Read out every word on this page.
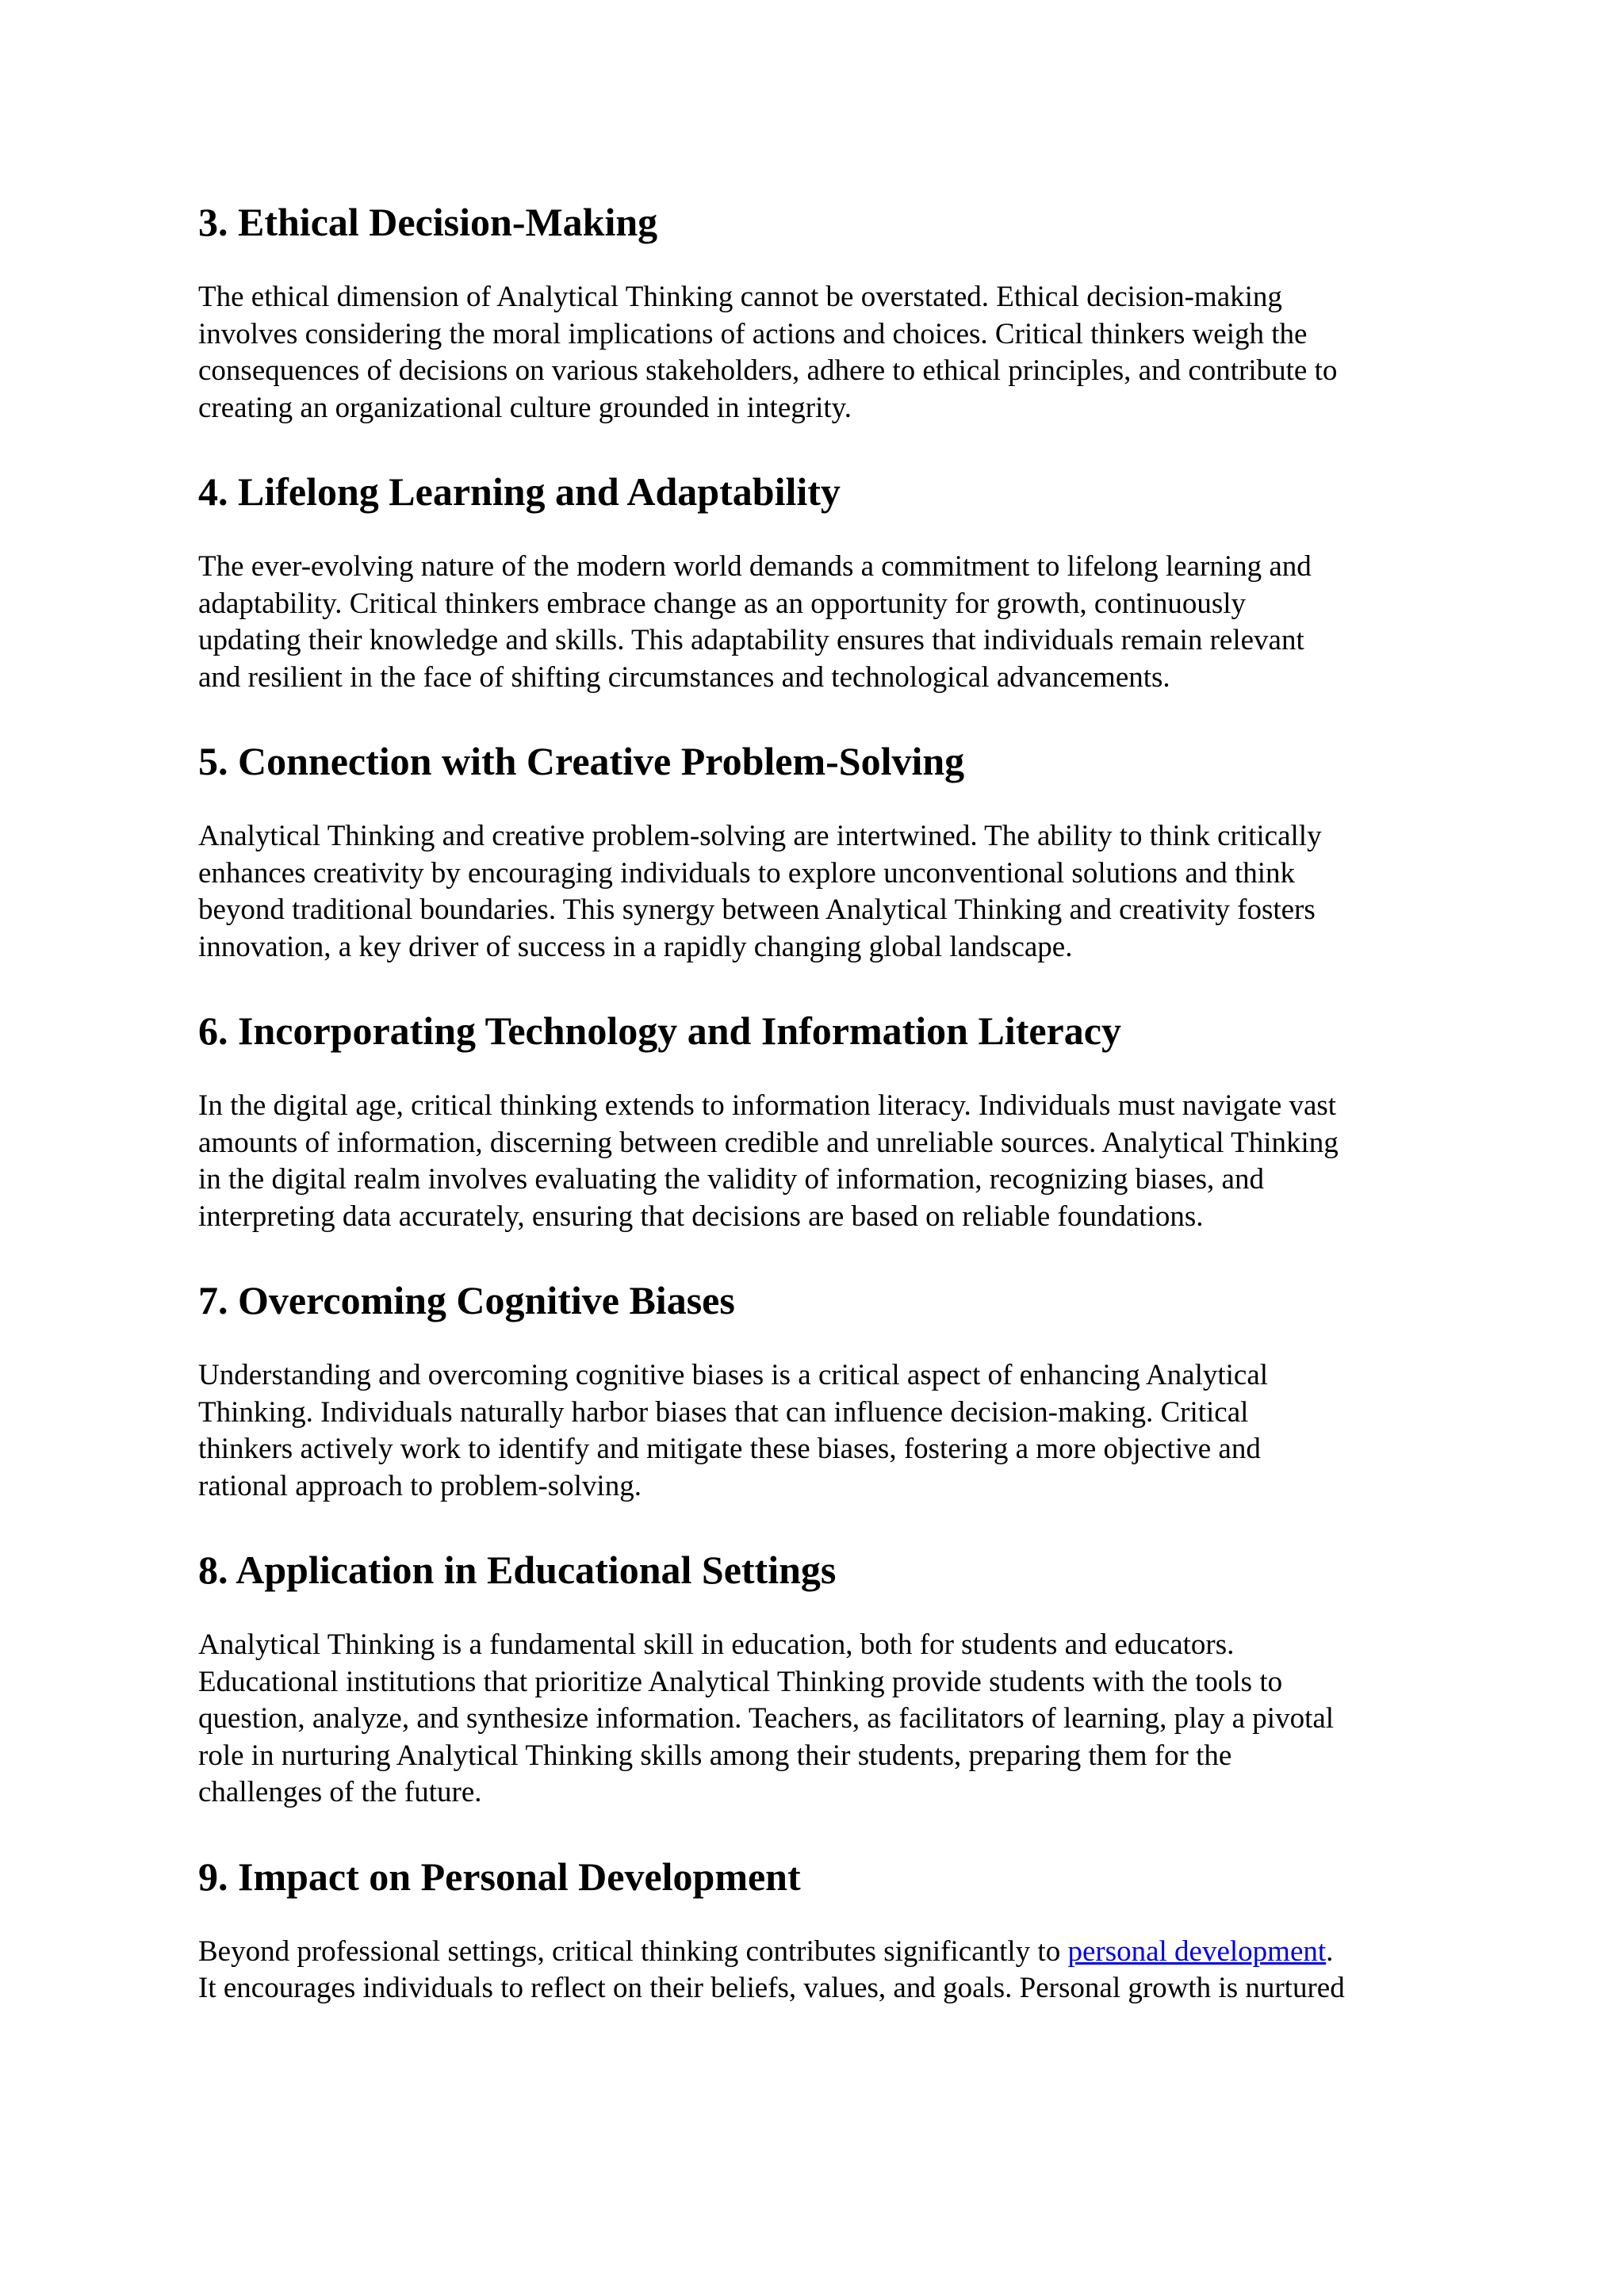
3. Ethical Decision-Making

The ethical dimension of Analytical Thinking cannot be overstated. Ethical decision-making
involves considering the moral implications of actions and choices. Critical thinkers weigh the
consequences of decisions on various stakeholders, adhere to ethical principles, and contribute to
creating an organizational culture grounded in integrity.

4. Lifelong Learning and Adaptability

The ever-evolving nature of the modern world demands a commitment to lifelong learning and
adaptability. Critical thinkers embrace change as an opportunity for growth, continuously
updating their knowledge and skills. This adaptability ensures that individuals remain relevant
and resilient in the face of shifting circumstances and technological advancements.

5. Connection with Creative Problem-Solving

Analytical Thinking and creative problem-solving are intertwined. The ability to think critically
enhances creativity by encouraging individuals to explore unconventional solutions and think
beyond traditional boundaries. This synergy between Analytical Thinking and creativity fosters
innovation, a key driver of success in a rapidly changing global landscape.

6. Incorporating Technology and Information Literacy

In the digital age, critical thinking extends to information literacy. Individuals must navigate vast
amounts of information, discerning between credible and unreliable sources. Analytical Thinking
in the digital realm involves evaluating the validity of information, recognizing biases, and
interpreting data accurately, ensuring that decisions are based on reliable foundations.

7. Overcoming Cognitive Biases

Understanding and overcoming cognitive biases is a critical aspect of enhancing Analytical
Thinking. Individuals naturally harbor biases that can influence decision-making. Critical
thinkers actively work to identify and mitigate these biases, fostering a more objective and
rational approach to problem-solving.

8. Application in Educational Settings

Analytical Thinking is a fundamental skill in education, both for students and educators.
Educational institutions that prioritize Analytical Thinking provide students with the tools to
question, analyze, and synthesize information. Teachers, as facilitators of learning, play a pivotal
role in nurturing Analytical Thinking skills among their students, preparing them for the
challenges of the future.

9. Impact on Personal Development

Beyond professional settings, critical thinking contributes significantly to personal development.
It encourages individuals to reflect on their beliefs, values, and goals. Personal growth is nurtured
